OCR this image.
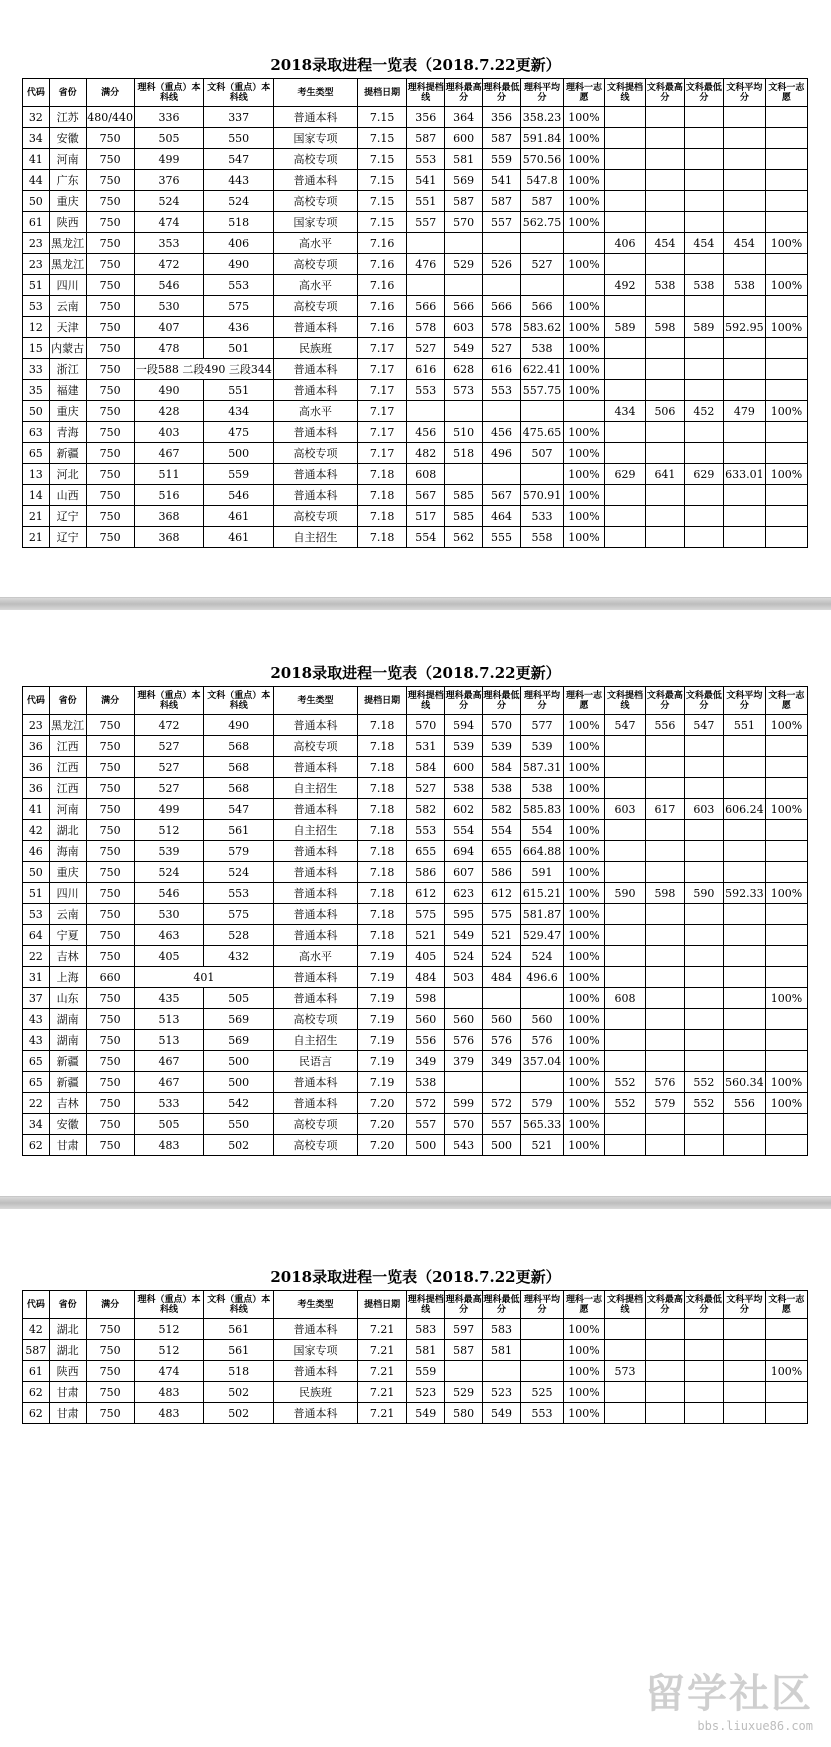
2018录取进程一览表（2018.7.22更新）
代码	省份	满分	理科（重点）本科线	文科（重点）本科线	考生类型	提档日期	理科提档线	理科最高分	理科最低分	理科平均分	理科一志愿	文科提档线	文科最高分	文科最低分	文科平均分	文科一志愿
32	江苏	480/440	336	337	普通本科	7.15	356	364	356	358.23	100%					
34	安徽	750	505	550	国家专项	7.15	587	600	587	591.84	100%					
41	河南	750	499	547	高校专项	7.15	553	581	559	570.56	100%					
44	广东	750	376	443	普通本科	7.15	541	569	541	547.8	100%					
50	重庆	750	524	524	高校专项	7.15	551	587	587	587	100%					
61	陕西	750	474	518	国家专项	7.15	557	570	557	562.75	100%					
23	黑龙江	750	353	406	高水平	7.16						406	454	454	454	100%
23	黑龙江	750	472	490	高校专项	7.16	476	529	526	527	100%					
51	四川	750	546	553	高水平	7.16						492	538	538	538	100%
53	云南	750	530	575	高校专项	7.16	566	566	566	566	100%					
12	天津	750	407	436	普通本科	7.16	578	603	578	583.62	100%	589	598	589	592.95	100%
15	内蒙古	750	478	501	民族班	7.17	527	549	527	538	100%					
33	浙江	750	一段588 二段490 三段344		普通本科	7.17	616	628	616	622.41	100%					
35	福建	750	490	551	普通本科	7.17	553	573	553	557.75	100%					
50	重庆	750	428	434	高水平	7.17						434	506	452	479	100%
63	青海	750	403	475	普通本科	7.17	456	510	456	475.65	100%					
65	新疆	750	467	500	高校专项	7.17	482	518	496	507	100%					
13	河北	750	511	559	普通本科	7.18	608				100%	629	641	629	633.01	100%
14	山西	750	516	546	普通本科	7.18	567	585	567	570.91	100%					
21	辽宁	750	368	461	高校专项	7.18	517	585	464	533	100%					
21	辽宁	750	368	461	自主招生	7.18	554	562	555	558	100%					
2018录取进程一览表（2018.7.22更新）
代码	省份	满分	理科（重点）本科线	文科（重点）本科线	考生类型	提档日期	理科提档线	理科最高分	理科最低分	理科平均分	理科一志愿	文科提档线	文科最高分	文科最低分	文科平均分	文科一志愿
23	黑龙江	750	472	490	普通本科	7.18	570	594	570	577	100%	547	556	547	551	100%
36	江西	750	527	568	高校专项	7.18	531	539	539	539	100%					
36	江西	750	527	568	普通本科	7.18	584	600	584	587.31	100%					
36	江西	750	527	568	自主招生	7.18	527	538	538	538	100%					
41	河南	750	499	547	普通本科	7.18	582	602	582	585.83	100%	603	617	603	606.24	100%
42	湖北	750	512	561	自主招生	7.18	553	554	554	554	100%					
46	海南	750	539	579	普通本科	7.18	655	694	655	664.88	100%					
50	重庆	750	524	524	普通本科	7.18	586	607	586	591	100%					
51	四川	750	546	553	普通本科	7.18	612	623	612	615.21	100%	590	598	590	592.33	100%
53	云南	750	530	575	普通本科	7.18	575	595	575	581.87	100%					
64	宁夏	750	463	528	普通本科	7.18	521	549	521	529.47	100%					
22	吉林	750	405	432	高水平	7.19	405	524	524	524	100%					
31	上海	660	401		普通本科	7.19	484	503	484	496.6	100%					
37	山东	750	435	505	普通本科	7.19	598				100%	608				100%
43	湖南	750	513	569	高校专项	7.19	560	560	560	560	100%					
43	湖南	750	513	569	自主招生	7.19	556	576	576	576	100%					
65	新疆	750	467	500	民语言	7.19	349	379	349	357.04	100%					
65	新疆	750	467	500	普通本科	7.19	538				100%	552	576	552	560.34	100%
22	吉林	750	533	542	普通本科	7.20	572	599	572	579	100%	552	579	552	556	100%
34	安徽	750	505	550	高校专项	7.20	557	570	557	565.33	100%					
62	甘肃	750	483	502	高校专项	7.20	500	543	500	521	100%					
2018录取进程一览表（2018.7.22更新）
代码	省份	满分	理科（重点）本科线	文科（重点）本科线	考生类型	提档日期	理科提档线	理科最高分	理科最低分	理科平均分	理科一志愿	文科提档线	文科最高分	文科最低分	文科平均分	文科一志愿
42	湖北	750	512	561	普通本科	7.21	583	597	583		100%					
587	湖北	750	512	561	国家专项	7.21	581	587	581		100%					
61	陕西	750	474	518	普通本科	7.21	559				100%	573				100%
62	甘肃	750	483	502	民族班	7.21	523	529	523	525	100%					
62	甘肃	750	483	502	普通本科	7.21	549	580	549	553	100%					
留学社区
bbs.liuxue86.com
